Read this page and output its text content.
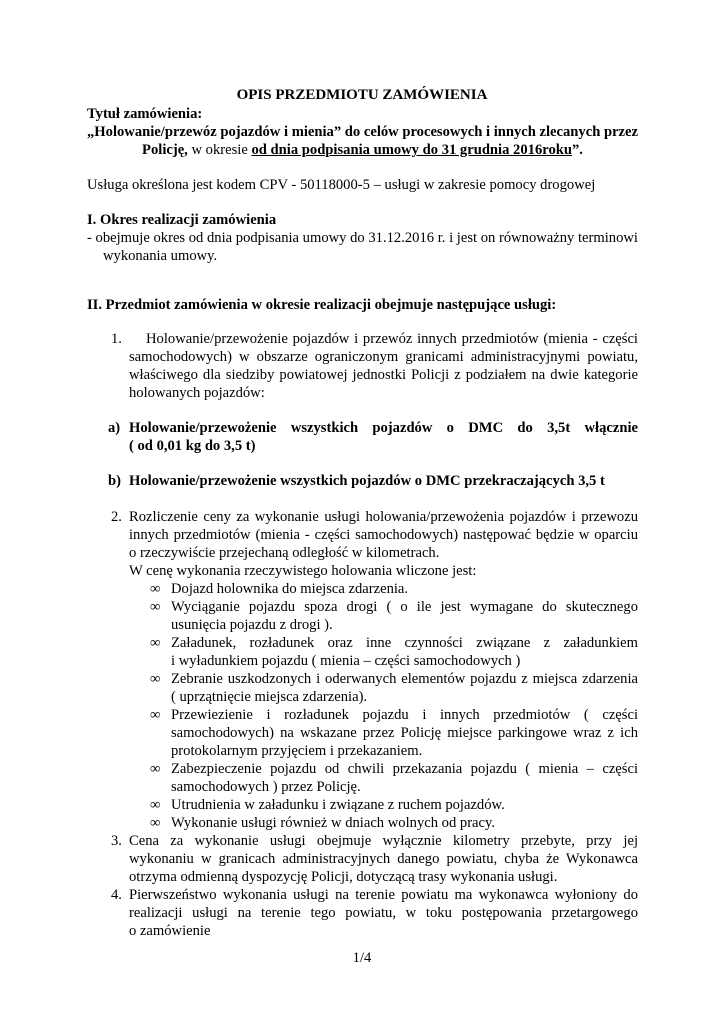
OPIS PRZEDMIOTU ZAMÓWIENIA
Tytuł zamówienia:
„Holowanie/przewóz pojazdów i mienia” do celów procesowych i innych zlecanych przez
Policję, w okresie od dnia podpisania umowy do 31 grudnia 2016roku”.
Usługa określona jest kodem CPV - 50118000-5 – usługi w zakresie pomocy drogowej
I. Okres realizacji zamówienia
- obejmuje okres od dnia podpisania umowy do 31.12.2016 r. i jest on równoważny terminowi
wykonania umowy.
II. Przedmiot zamówienia w okresie realizacji obejmuje następujące usługi:
1. Holowanie/przewożenie pojazdów i przewóz innych przedmiotów (mienia - części
samochodowych) w obszarze ograniczonym granicami administracyjnymi powiatu,
właściwego dla siedziby powiatowej jednostki Policji z podziałem na dwie kategorie
holowanych pojazdów:
a) Holowanie/przewożenie wszystkich pojazdów o DMC do 3,5t włącznie
( od 0,01 kg do 3,5 t)
b) Holowanie/przewożenie wszystkich pojazdów o DMC przekraczających 3,5 t
2. Rozliczenie ceny za wykonanie usługi holowania/przewożenia pojazdów i przewozu
innych przedmiotów (mienia - części samochodowych) następować będzie w oparciu
o rzeczywiście przejechaną odległość w kilometrach.
W cenę wykonania rzeczywistego holowania wliczone jest:
∞ Dojazd holownika do miejsca zdarzenia.
∞ Wyciąganie pojazdu spoza drogi ( o ile jest wymagane do skutecznego
usunięcia pojazdu z drogi ).
∞ Załadunek, rozładunek oraz inne czynności związane z załadunkiem
i wyładunkiem pojazdu ( mienia – części samochodowych )
∞ Zebranie uszkodzonych i oderwanych elementów pojazdu z miejsca zdarzenia
( uprzątnięcie miejsca zdarzenia).
∞ Przewiezienie i rozładunek pojazdu i innych przedmiotów ( części
samochodowych) na wskazane przez Policję miejsce parkingowe wraz z ich
protokolarnym przyjęciem i przekazaniem.
∞ Zabezpieczenie pojazdu od chwili przekazania pojazdu ( mienia – części
samochodowych ) przez Policję.
∞ Utrudnienia w załadunku i związane z ruchem pojazdów.
∞ Wykonanie usługi również w dniach wolnych od pracy.
3. Cena za wykonanie usługi obejmuje wyłącznie kilometry przebyte, przy jej
wykonaniu w granicach administracyjnych danego powiatu, chyba że Wykonawca
otrzyma odmienną dyspozycję Policji, dotyczącą trasy wykonania usługi.
4. Pierwszeństwo wykonania usługi na terenie powiatu ma wykonawca wyłoniony do
realizacji usługi na terenie tego powiatu, w toku postępowania przetargowego
o zamówienie
1/4
